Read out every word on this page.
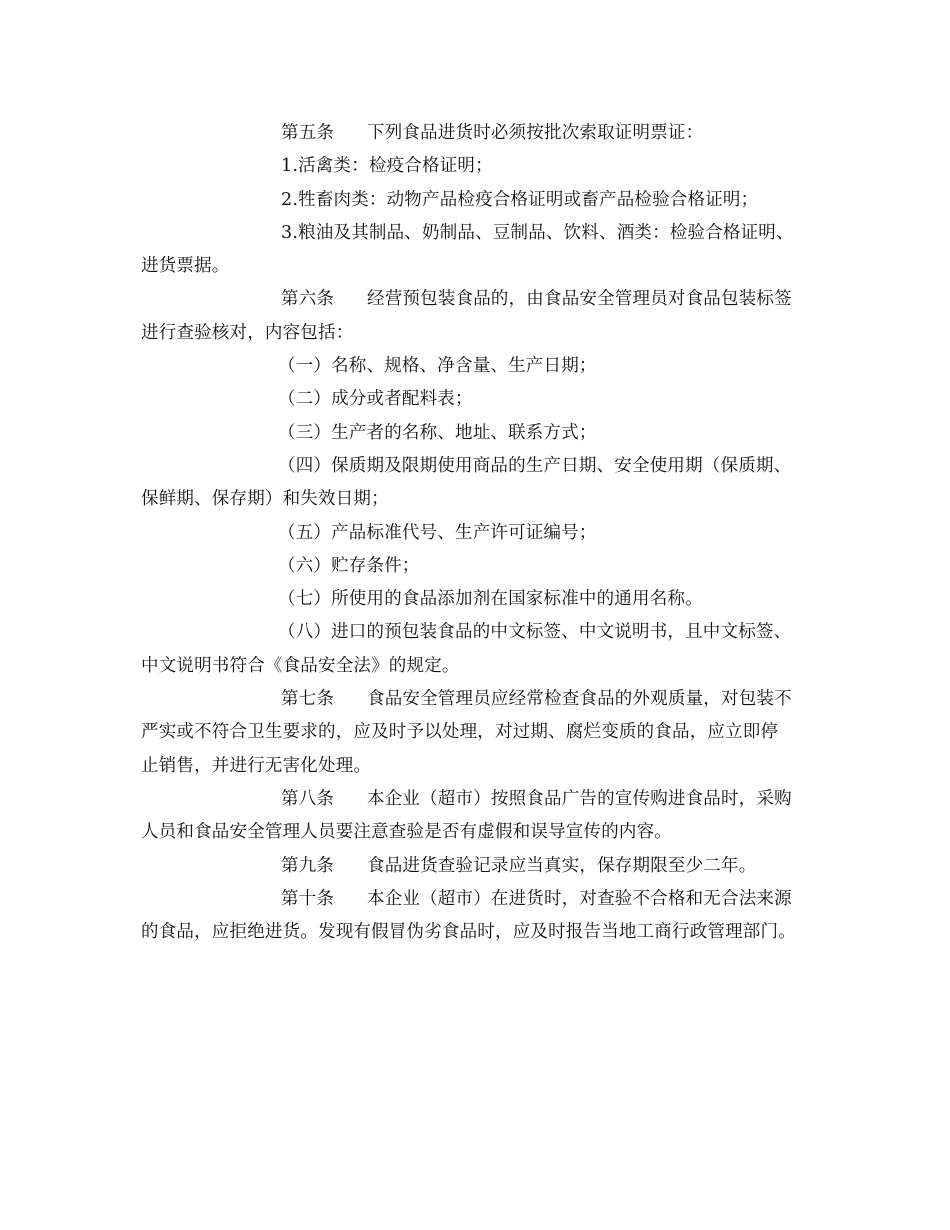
第五条 下列食品进货时必须按批次索取证明票证：
1.活禽类：检疫合格证明；
2.牲畜肉类：动物产品检疫合格证明或畜产品检验合格证明；
3.粮油及其制品、奶制品、豆制品、饮料、酒类：检验合格证明、
进货票据。
第六条 经营预包装食品的，由食品安全管理员对食品包装标签
进行查验核对，内容包括：
（一）名称、规格、净含量、生产日期；
（二）成分或者配料表；
（三）生产者的名称、地址、联系方式；
（四）保质期及限期使用商品的生产日期、安全使用期（保质期、
保鲜期、保存期）和失效日期；
（五）产品标准代号、生产许可证编号；
（六）贮存条件；
（七）所使用的食品添加剂在国家标准中的通用名称。
（八）进口的预包装食品的中文标签、中文说明书，且中文标签、
中文说明书符合《食品安全法》的规定。
第七条 食品安全管理员应经常检查食品的外观质量，对包装不
严实或不符合卫生要求的，应及时予以处理，对过期、腐烂变质的食品，应立即停
止销售，并进行无害化处理。
第八条 本企业（超市）按照食品广告的宣传购进食品时，采购
人员和食品安全管理人员要注意查验是否有虚假和误导宣传的内容。
第九条 食品进货查验记录应当真实，保存期限至少二年。
第十条 本企业（超市）在进货时，对查验不合格和无合法来源
的食品，应拒绝进货。发现有假冒伪劣食品时，应及时报告当地工商行政管理部门。
